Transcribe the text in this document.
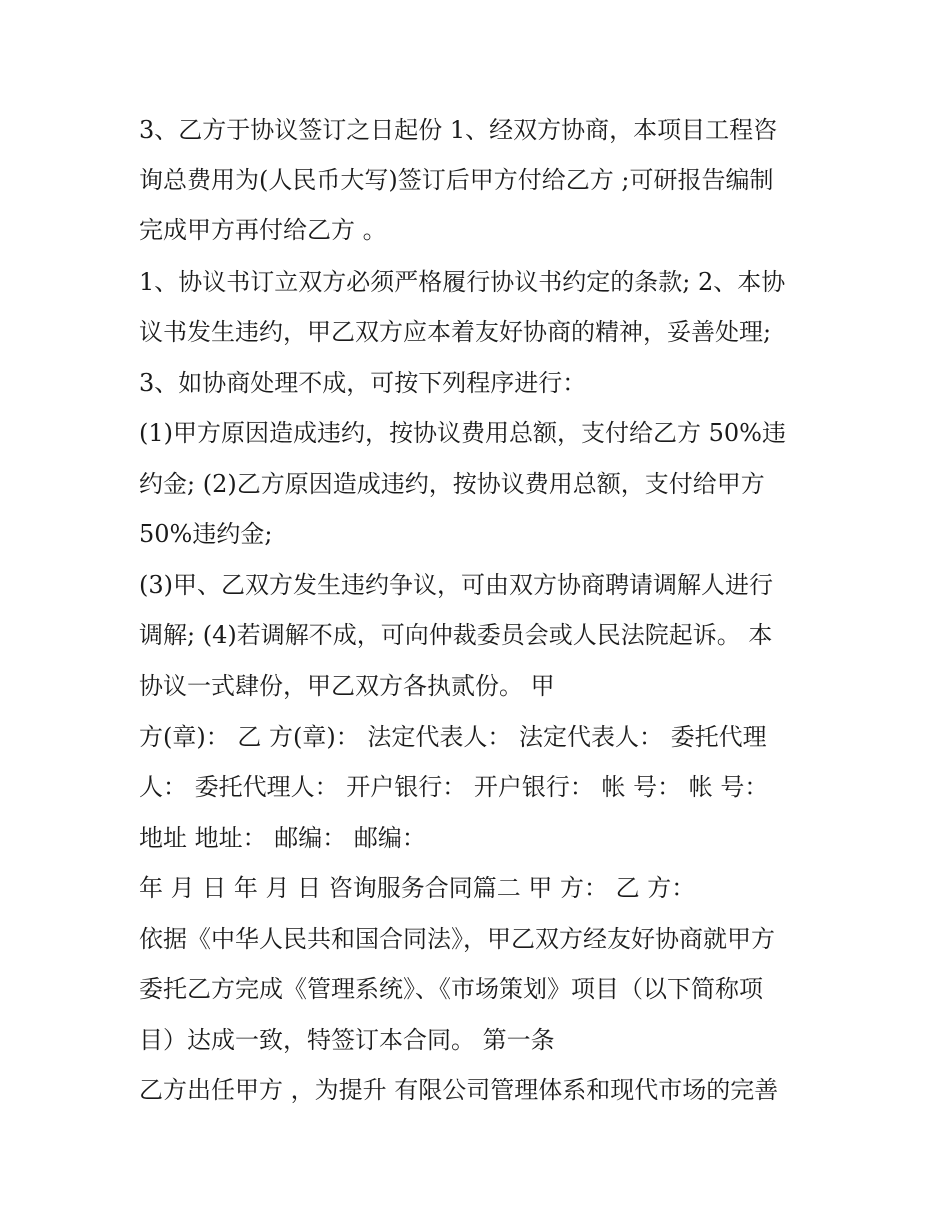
3、乙方于协议签订之日起份 1、经双方协商，本项目工程咨
询总费用为(人民币大写)签订后甲方付给乙方 ;可研报告编制
完成甲方再付给乙方 。
1、协议书订立双方必须严格履行协议书约定的条款; 2、本协
议书发生违约，甲乙双方应本着友好协商的精神，妥善处理;
3、如协商处理不成，可按下列程序进行：
(1)甲方原因造成违约，按协议费用总额，支付给乙方 50%违
约金; (2)乙方原因造成违约，按协议费用总额，支付给甲方
50%违约金;
(3)甲、乙双方发生违约争议，可由双方协商聘请调解人进行
调解; (4)若调解不成，可向仲裁委员会或人民法院起诉。 本
协议一式肆份，甲乙双方各执贰份。 甲
方(章)： 乙 方(章)： 法定代表人： 法定代表人： 委托代理
人： 委托代理人： 开户银行： 开户银行： 帐 号： 帐 号：
地址 地址： 邮编： 邮编：
年 月 日 年 月 日 咨询服务合同篇二 甲 方： 乙 方：
依据《中华人民共和国合同法》，甲乙双方经友好协商就甲方
委托乙方完成《管理系统》、《市场策划》项目（以下简称项
目）达成一致，特签订本合同。 第一条
乙方出任甲方 ，为提升 有限公司管理体系和现代市场的完善
